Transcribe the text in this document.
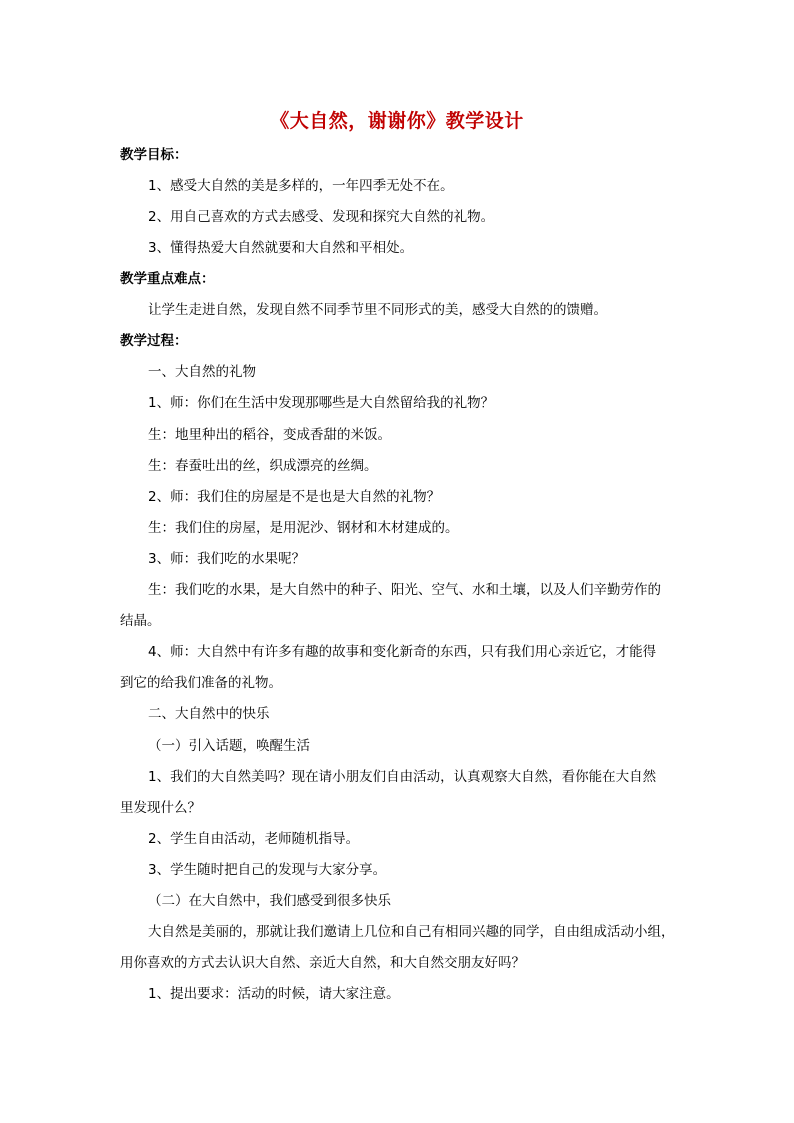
《大自然，谢谢你》教学设计
教学目标：
1、感受大自然的美是多样的，一年四季无处不在。
2、用自己喜欢的方式去感受、发现和探究大自然的礼物。
3、懂得热爱大自然就要和大自然和平相处。
教学重点难点：
让学生走进自然，发现自然不同季节里不同形式的美，感受大自然的的馈赠。
教学过程：
一、大自然的礼物
1、师：你们在生活中发现那哪些是大自然留给我的礼物？
生：地里种出的稻谷，变成香甜的米饭。
生：春蚕吐出的丝，织成漂亮的丝绸。
2、师：我们住的房屋是不是也是大自然的礼物？
生：我们住的房屋，是用泥沙、钢材和木材建成的。
3、师：我们吃的水果呢？
生：我们吃的水果，是大自然中的种子、阳光、空气、水和土壤，以及人们辛勤劳作的
结晶。
4、师：大自然中有许多有趣的故事和变化新奇的东西，只有我们用心亲近它，才能得
到它的给我们准备的礼物。
二、大自然中的快乐
（一）引入话题，唤醒生活
1、我们的大自然美吗？现在请小朋友们自由活动，认真观察大自然，看你能在大自然
里发现什么？
2、学生自由活动，老师随机指导。
3、学生随时把自己的发现与大家分享。
（二）在大自然中，我们感受到很多快乐
大自然是美丽的，那就让我们邀请上几位和自己有相同兴趣的同学，自由组成活动小组，
用你喜欢的方式去认识大自然、亲近大自然，和大自然交朋友好吗？
1、提出要求：活动的时候，请大家注意。
